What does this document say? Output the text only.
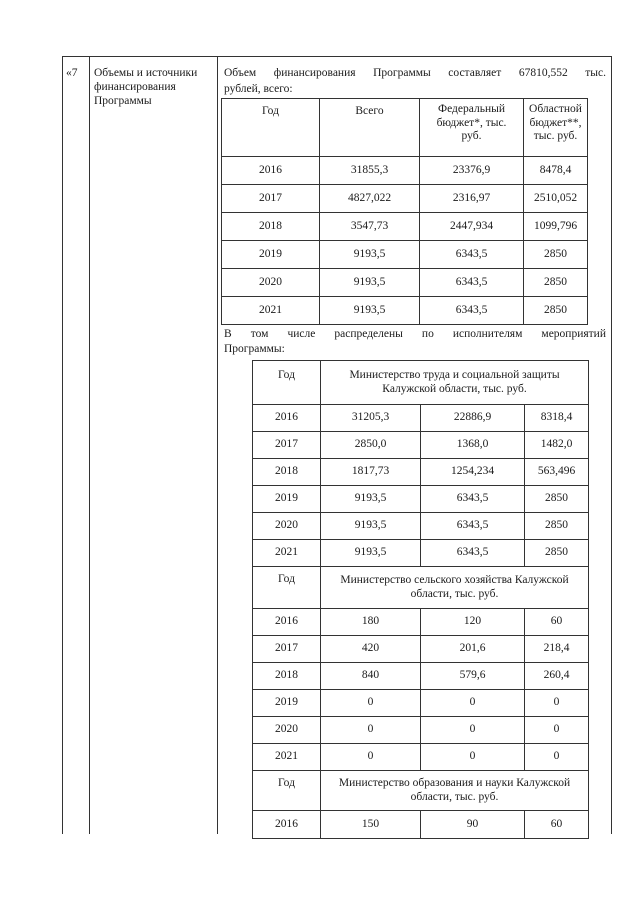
«7 Объемы и источники
финансирования
Программы
Объем финансирования Программы составляет 67810,552 тыс.
рублей, всего:
Год	Всего	Федеральный бюджет*, тыс. руб.	Областной бюджет**, тыс. руб.
2016	31855,3	23376,9	8478,4
2017	4827,022	2316,97	2510,052
2018	3547,73	2447,934	1099,796
2019	9193,5	6343,5	2850
2020	9193,5	6343,5	2850
2021	9193,5	6343,5	2850
В том числе распределены по исполнителям мероприятий
Программы:
Год	Министерство труда и социальной защиты Калужской области, тыс. руб.		
2016	31205,3	22886,9	8318,4
2017	2850,0	1368,0	1482,0
2018	1817,73	1254,234	563,496
2019	9193,5	6343,5	2850
2020	9193,5	6343,5	2850
2021	9193,5	6343,5	2850
Год	Министерство сельского хозяйства Калужской области, тыс. руб.		
2016	180	120	60
2017	420	201,6	218,4
2018	840	579,6	260,4
2019	0	0	0
2020	0	0	0
2021	0	0	0
Год	Министерство образования и науки Калужской области, тыс. руб.		
2016	150	90	60
